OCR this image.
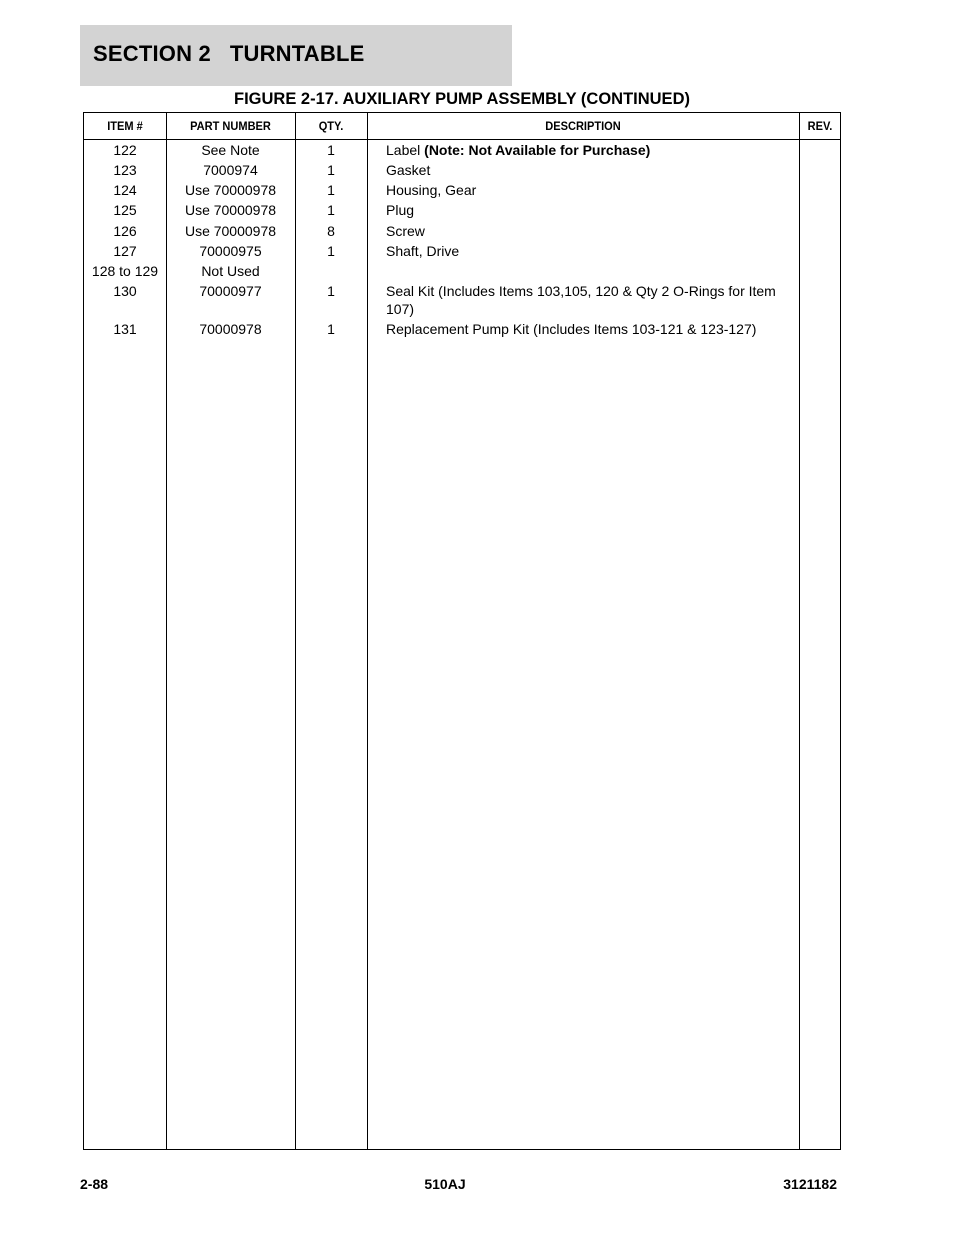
SECTION 2   TURNTABLE
FIGURE 2-17. AUXILIARY PUMP ASSEMBLY (CONTINUED)
ITEM #	PART NUMBER	QTY.	DESCRIPTION	REV.
122	See Note	1	Label (Note: Not Available for Purchase)
123	7000974	1	Gasket
124	Use 70000978	1	Housing, Gear
125	Use 70000978	1	Plug
126	Use 70000978	8	Screw
127	70000975	1	Shaft, Drive
128 to 129	Not Used
130	70000977	1	Seal Kit (Includes Items 103,105, 120 & Qty 2 O-Rings for Item 107)
131	70000978	1	Replacement Pump Kit (Includes Items 103-121 & 123-127)
2-88	510AJ	3121182
